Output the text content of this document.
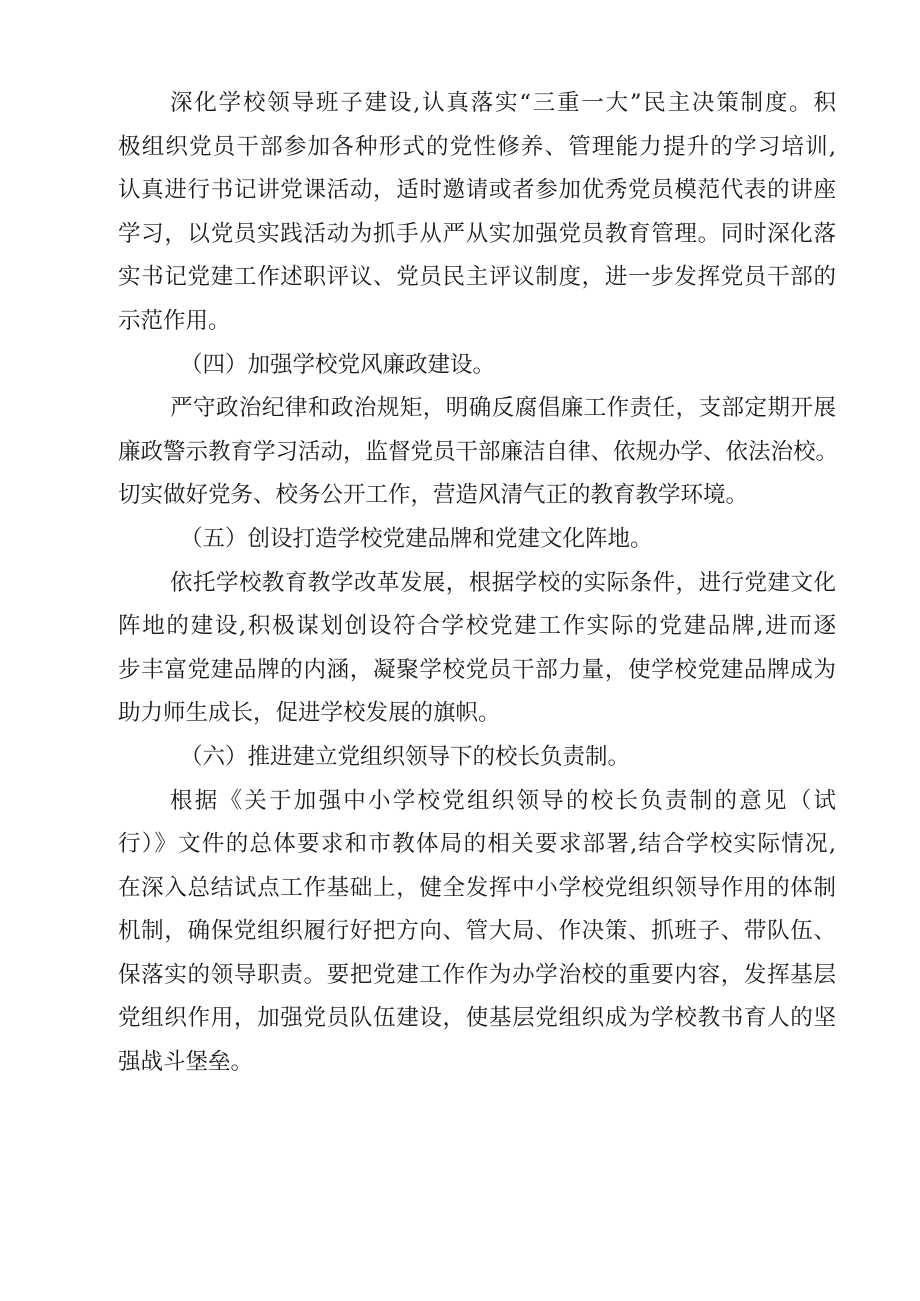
深化学校领导班子建设,认真落实“三重一大”民主决策制度。积
极组织党员干部参加各种形式的党性修养、管理能力提升的学习培训,
认真进行书记讲党课活动，适时邀请或者参加优秀党员模范代表的讲座
学习，以党员实践活动为抓手从严从实加强党员教育管理。同时深化落
实书记党建工作述职评议、党员民主评议制度，进一步发挥党员干部的
示范作用。
（四）加强学校党风廉政建设。
严守政治纪律和政治规矩，明确反腐倡廉工作责任，支部定期开展
廉政警示教育学习活动，监督党员干部廉洁自律、依规办学、依法治校。
切实做好党务、校务公开工作，营造风清气正的教育教学环境。
（五）创设打造学校党建品牌和党建文化阵地。
依托学校教育教学改革发展，根据学校的实际条件，进行党建文化
阵地的建设,积极谋划创设符合学校党建工作实际的党建品牌,进而逐
步丰富党建品牌的内涵，凝聚学校党员干部力量，使学校党建品牌成为
助力师生成长，促进学校发展的旗帜。
（六）推进建立党组织领导下的校长负责制。
根据《关于加强中小学校党组织领导的校长负责制的意见（试
行）》文件的总体要求和市教体局的相关要求部署,结合学校实际情况,
在深入总结试点工作基础上，健全发挥中小学校党组织领导作用的体制
机制，确保党组织履行好把方向、管大局、作决策、抓班子、带队伍、
保落实的领导职责。要把党建工作作为办学治校的重要内容，发挥基层
党组织作用，加强党员队伍建设，使基层党组织成为学校教书育人的坚
强战斗堡垒。
